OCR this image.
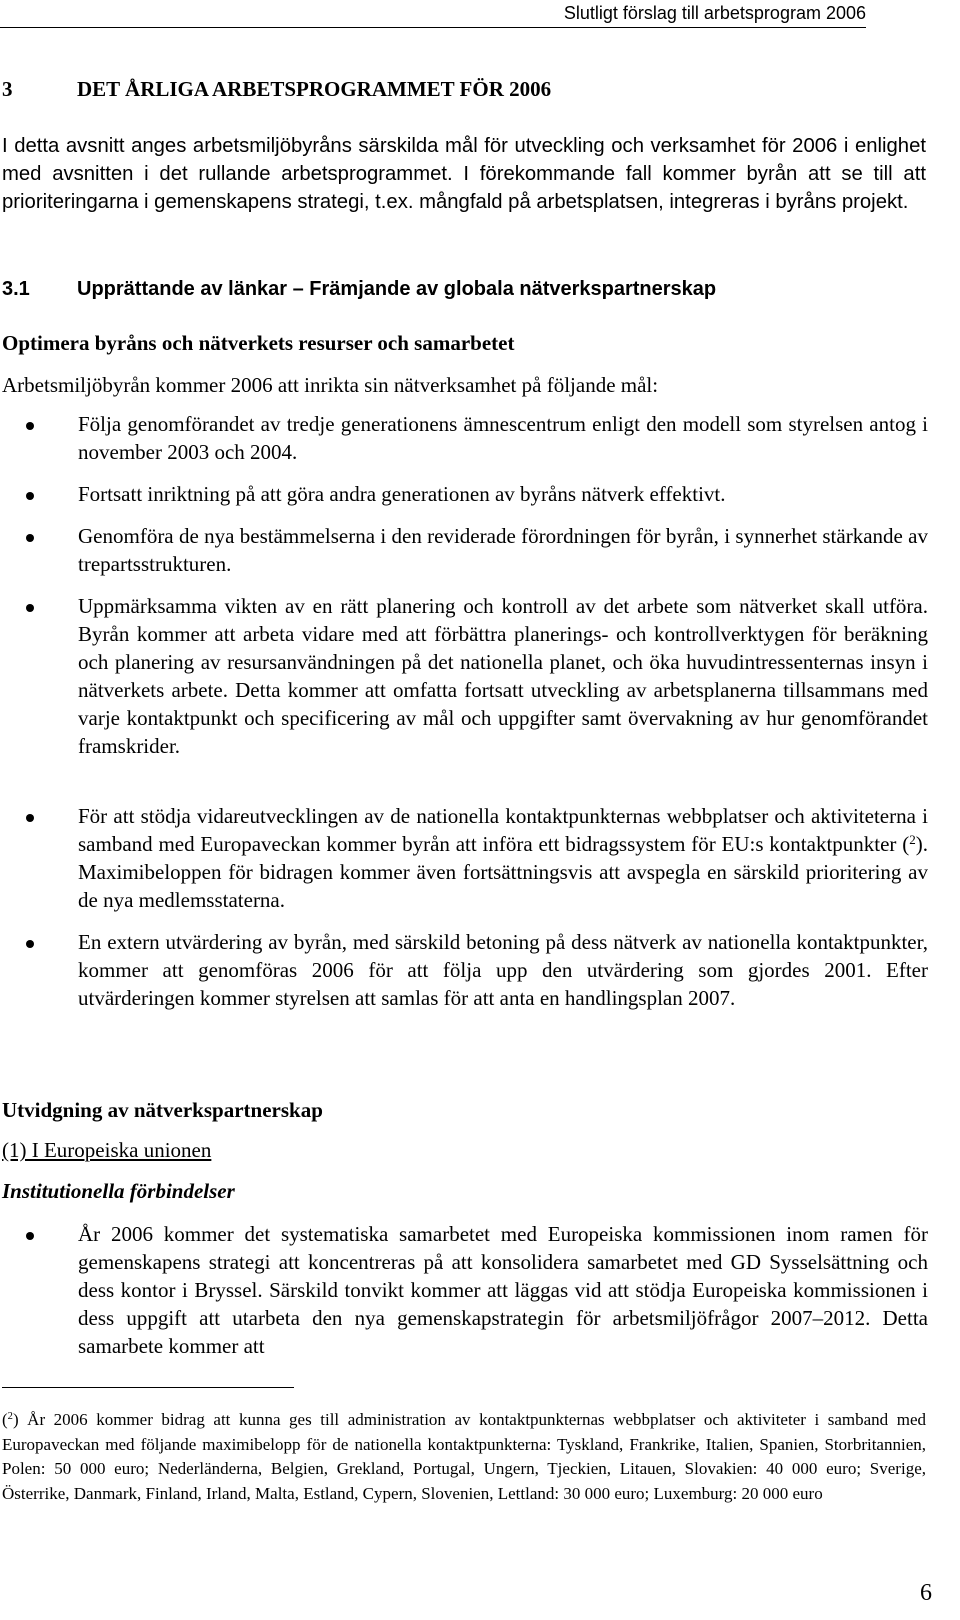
Slutligt förslag till arbetsprogram 2006
3	DET ÅRLIGA ARBETSPROGRAMMET FÖR 2006

I detta avsnitt anges arbetsmiljöbyråns särskilda mål för utveckling och verksamhet för 2006 i enlighet med avsnitten i det rullande arbetsprogrammet. I förekommande fall kommer byrån att se till att prioriteringarna i gemenskapens strategi, t.ex. mångfald på arbetsplatsen, integreras i byråns projekt.

3.1 Upprättande av länkar – Främjande av globala nätverkspartnerskap
Optimera byråns och nätverkets resurser och samarbetet
Arbetsmiljöbyrån kommer 2006 att inrikta sin nätverksamhet på följande mål:
Följa genomförandet av tredje generationens ämnescentrum enligt den modell som styrelsen antog i november 2003 och 2004.
Fortsatt inriktning på att göra andra generationen av byråns nätverk effektivt.
Genomföra de nya bestämmelserna i den reviderade förordningen för byrån, i synnerhet stärkande av trepartsstrukturen.
Uppmärksamma vikten av en rätt planering och kontroll av det arbete som nätverket skall utföra. Byrån kommer att arbeta vidare med att förbättra planerings- och kontrollverktygen för beräkning och planering av resursanvändningen på det nationella planet, och öka huvudintressenternas insyn i nätverkets arbete. Detta kommer att omfatta fortsatt utveckling av arbetsplanerna tillsammans med varje kontaktpunkt och specificering av mål och uppgifter samt övervakning av hur genomförandet framskrider.
För att stödja vidareutvecklingen av de nationella kontaktpunkternas webbplatser och aktiviteterna i samband med Europaveckan kommer byrån att införa ett bidragssystem för EU:s kontaktpunkter ($^2$). Maximibeloppen för bidragen kommer även fortsättningsvis att avspegla en särskild prioritering av de nya medlemsstaterna.
En extern utvärdering av byrån, med särskild betoning på dess nätverk av nationella kontaktpunkter, kommer att genomföras 2006 för att följa upp den utvärdering som gjordes 2001. Efter utvärderingen kommer styrelsen att samlas för att anta en handlingsplan 2007.
Utvidgning av nätverkspartnerskap
(1) I Europeiska unionen
Institutionella förbindelser
År 2006 kommer det systematiska samarbetet med Europeiska kommissionen inom ramen för gemenskapens strategi att koncentreras på att konsolidera samarbetet med GD Sysselsättning och dess kontor i Bryssel. Särskild tonvikt kommer att läggas vid att stödja Europeiska kommissionen i dess uppgift att utarbeta den nya gemenskapstrategin för arbetsmiljöfrågor 2007–2012. Detta samarbete kommer att

($^2$) År 2006 kommer bidrag att kunna ges till administration av kontaktpunkternas webbplatser och aktiviteter i samband med Europaveckan med följande maximibelopp för de nationella kontaktpunkterna: Tyskland, Frankrike, Italien, Spanien, Storbritannien, Polen: 50 000 euro; Nederländerna, Belgien, Grekland, Portugal, Ungern, Tjeckien, Litauen, Slovakien: 40 000 euro; Sverige, Österrike, Danmark, Finland, Irland, Malta, Estland, Cypern, Slovenien, Lettland: 30 000 euro; Luxemburg: 20 000 euro

6
